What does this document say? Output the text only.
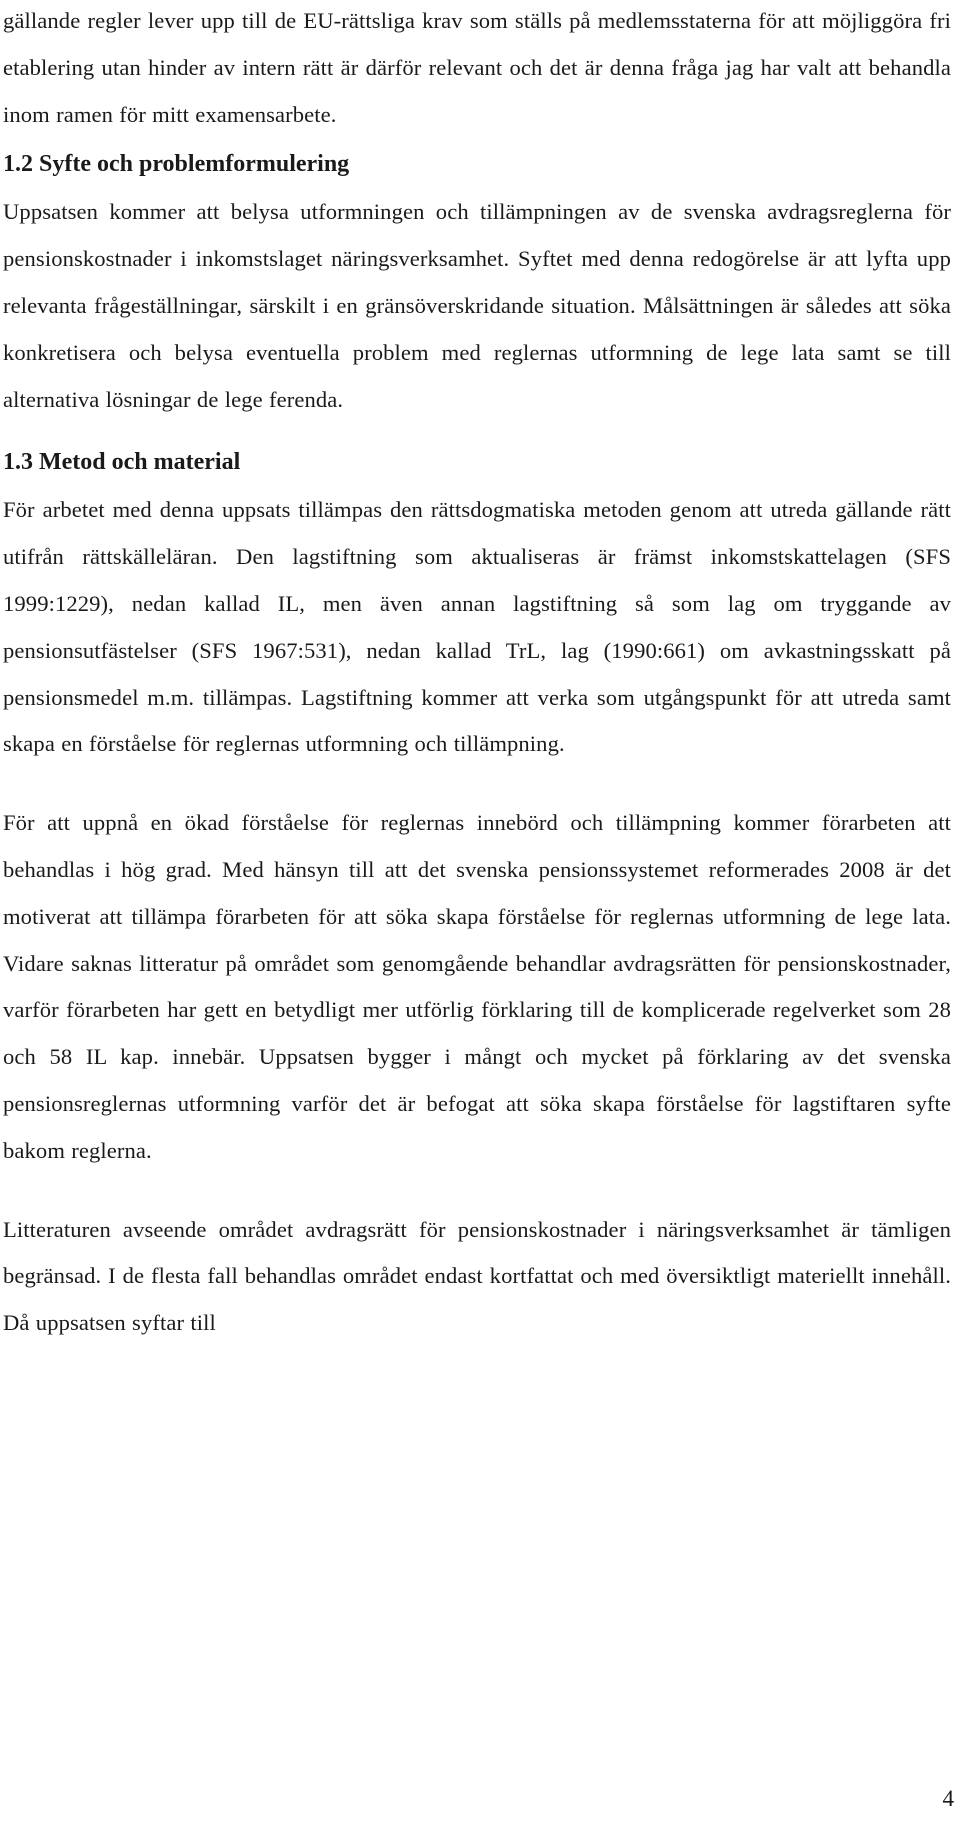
gällande regler lever upp till de EU-rättsliga krav som ställs på medlemsstaterna för att möjliggöra fri etablering utan hinder av intern rätt är därför relevant och det är denna fråga jag har valt att behandla inom ramen för mitt examensarbete.

1.2 Syfte och problemformulering

Uppsatsen kommer att belysa utformningen och tillämpningen av de svenska avdragsreglerna för pensionskostnader i inkomstslaget näringsverksamhet. Syftet med denna redogörelse är att lyfta upp relevanta frågeställningar, särskilt i en gränsöverskridande situation. Målsättningen är således att söka konkretisera och belysa eventuella problem med reglernas utformning de lege lata samt se till alternativa lösningar de lege ferenda.

1.3 Metod och material

För arbetet med denna uppsats tillämpas den rättsdogmatiska metoden genom att utreda gällande rätt utifrån rättskälleläran. Den lagstiftning som aktualiseras är främst inkomstskattelagen (SFS 1999:1229), nedan kallad IL, men även annan lagstiftning så som lag om tryggande av pensionsutfästelser (SFS 1967:531), nedan kallad TrL, lag (1990:661) om avkastningsskatt på pensionsmedel m.m. tillämpas. Lagstiftning kommer att verka som utgångspunkt för att utreda samt skapa en förståelse för reglernas utformning och tillämpning.

För att uppnå en ökad förståelse för reglernas innebörd och tillämpning kommer förarbeten att behandlas i hög grad. Med hänsyn till att det svenska pensionssystemet reformerades 2008 är det motiverat att tillämpa förarbeten för att söka skapa förståelse för reglernas utformning de lege lata. Vidare saknas litteratur på området som genomgående behandlar avdragsrätten för pensionskostnader, varför förarbeten har gett en betydligt mer utförlig förklaring till de komplicerade regelverket som 28 och 58 IL kap. innebär. Uppsatsen bygger i mångt och mycket på förklaring av det svenska pensionsreglernas utformning varför det är befogat att söka skapa förståelse för lagstiftaren syfte bakom reglerna.

Litteraturen avseende området avdragsrätt för pensionskostnader i näringsverksamhet är tämligen begränsad. I de flesta fall behandlas området endast kortfattat och med översiktligt materiellt innehåll. Då uppsatsen syftar till

4
